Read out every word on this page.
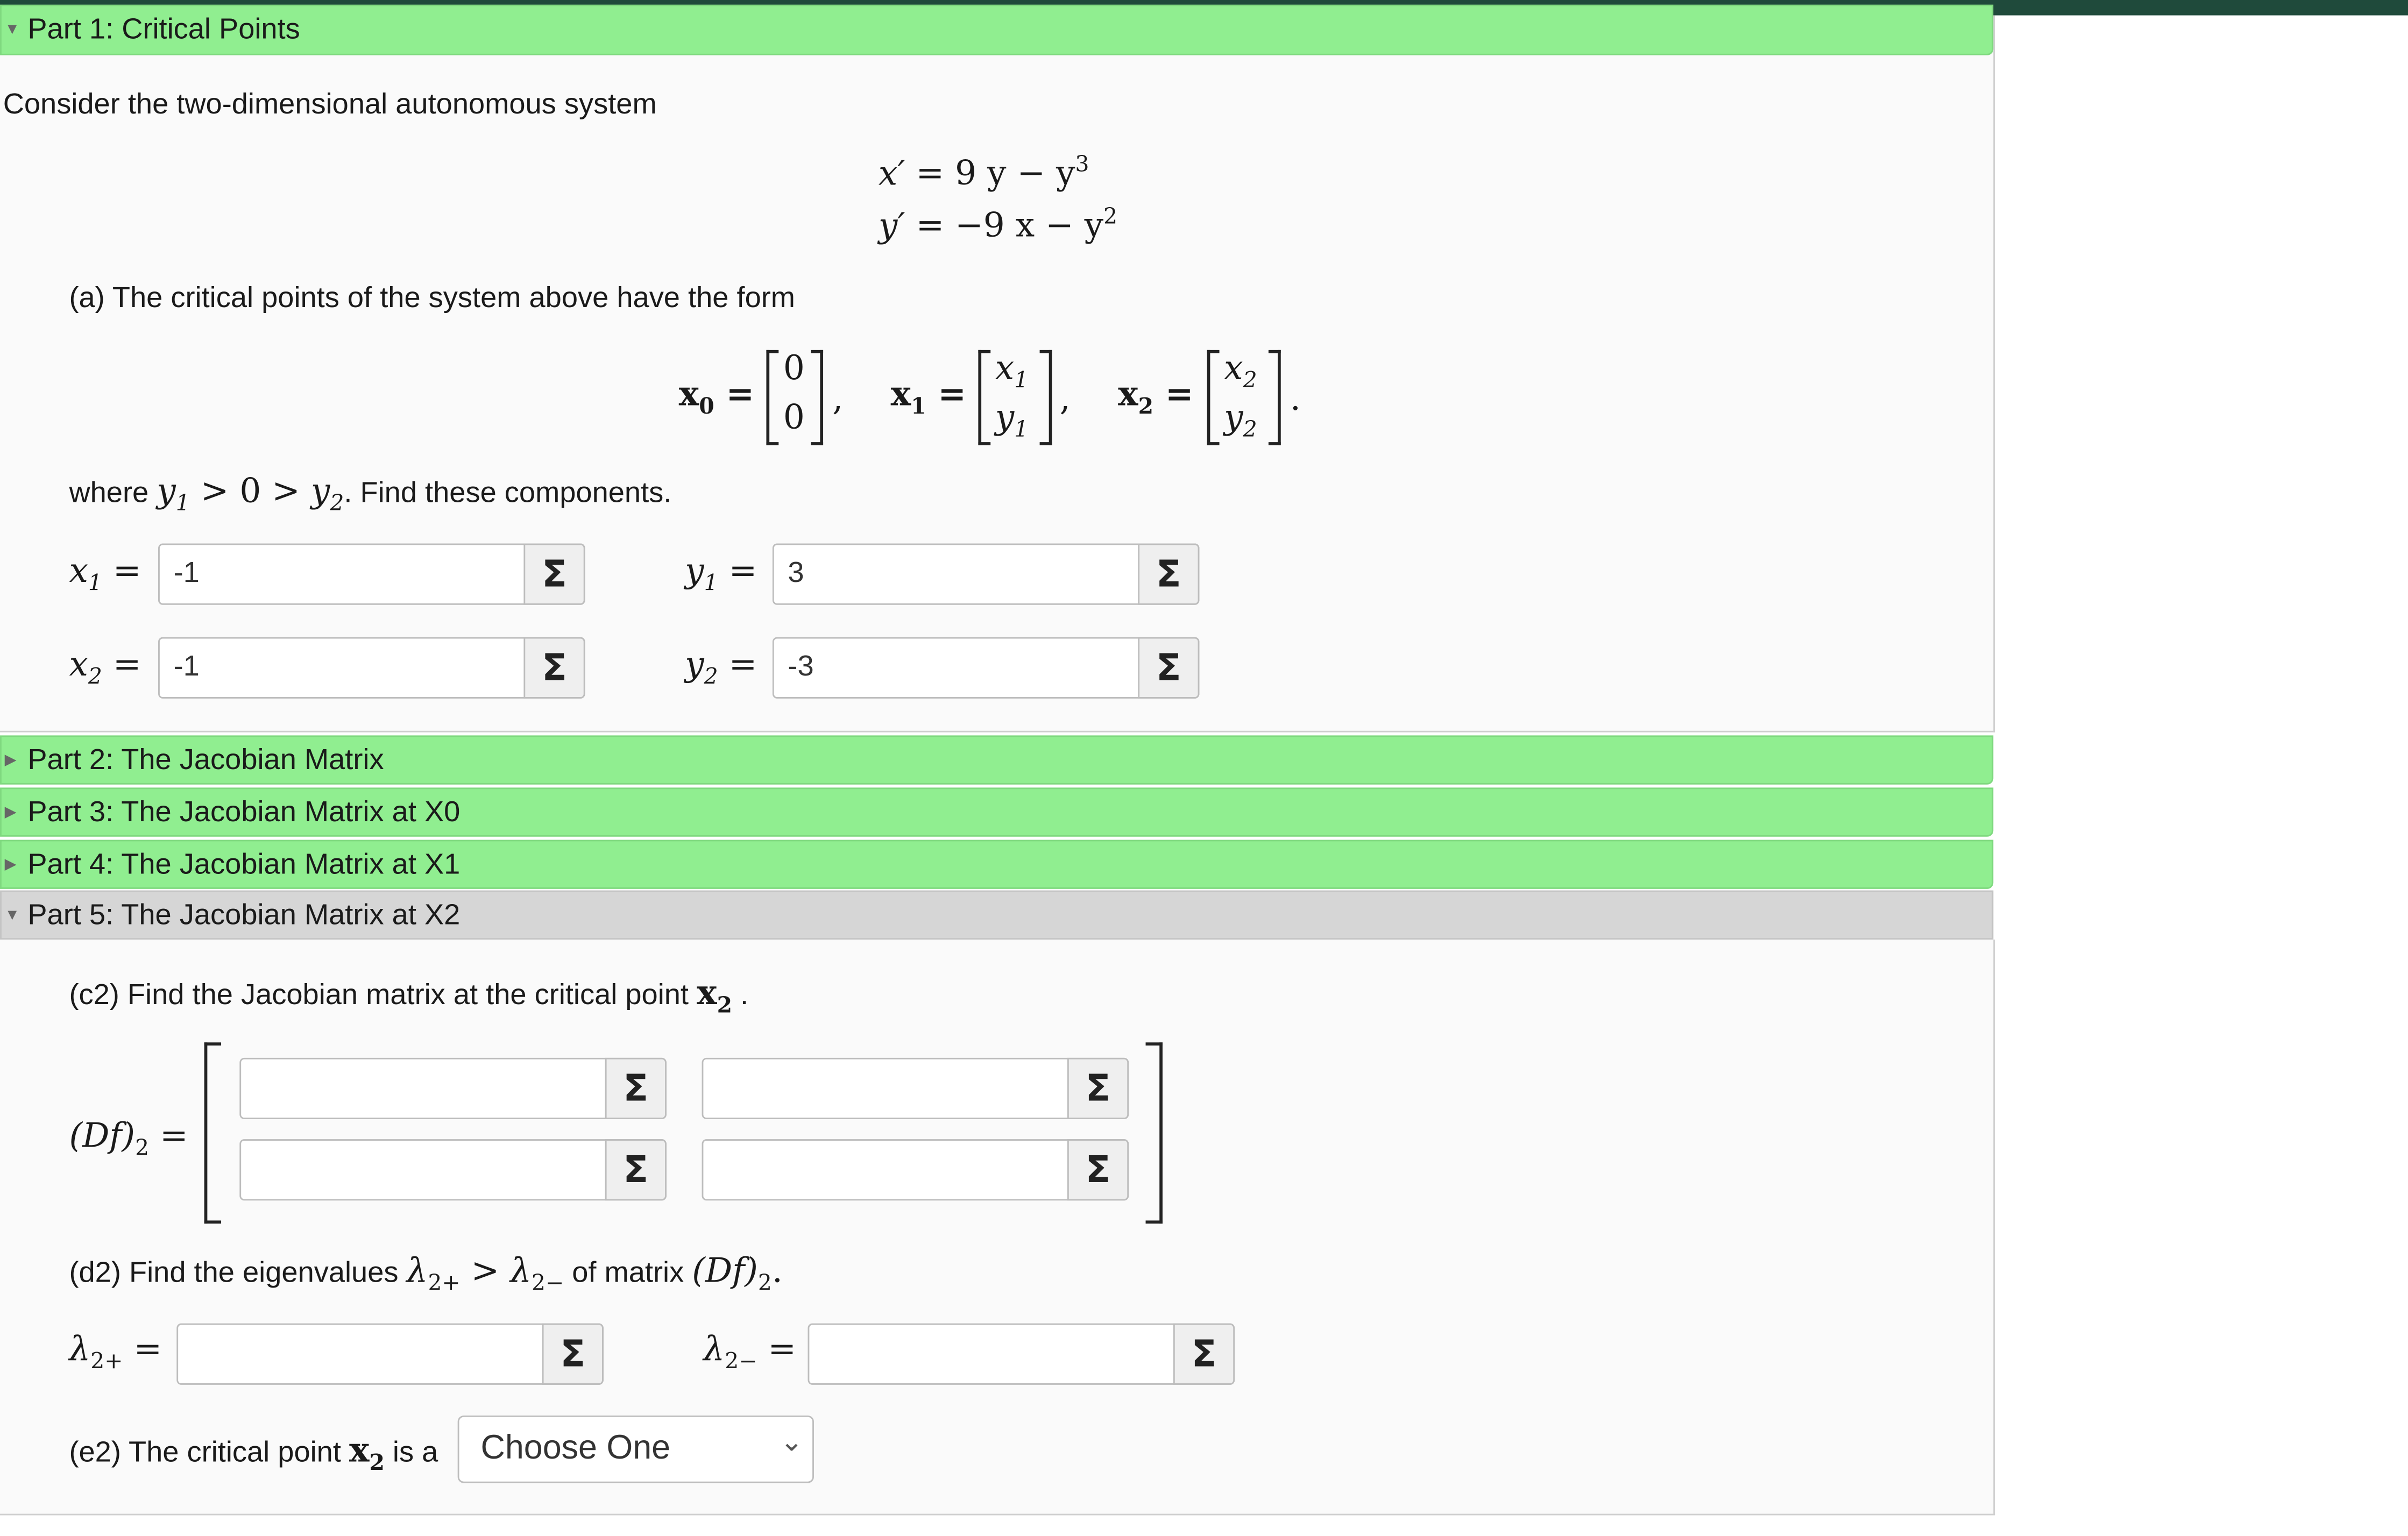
▼ Part 1: Critical Points
Consider the two-dimensional autonomous system
x′ = 9 $y - y^3$
y′ = −9 $x - y^2$
(a) The critical points of the system above have the form
$x_0$ =
0
0 ,	$x_1$ =
$x_1$
$y_1$
,	$x_2$ =
$x_2$
$y_2$
.
where $y_1 > 0 > y_2$. Find these components.
$x_1$ =
-1	Σ	$y_1$ =
3	Σ
$x_2$ =
-1	Σ	$y_2$ =
-3	Σ
▶ Part 2: The Jacobian Matrix
▶ Part 3: The Jacobian Matrix at X0
▶ Part 4: The Jacobian Matrix at X1
▼ Part 5: The Jacobian Matrix at X2
(c2) Find the Jacobian matrix at the critical point $x_2$ .
$(Df)_2$ =
Σ	Σ
Σ	Σ
(d2) Find the eigenvalues $\lambda_{2+} > \lambda_{2-}$ of matrix $(Df)_2$.
$\lambda_{2+}$ =	Σ	$\lambda_{2-}$ =	Σ
(e2) The critical point $x_2$ is a	Choose One	⌄
